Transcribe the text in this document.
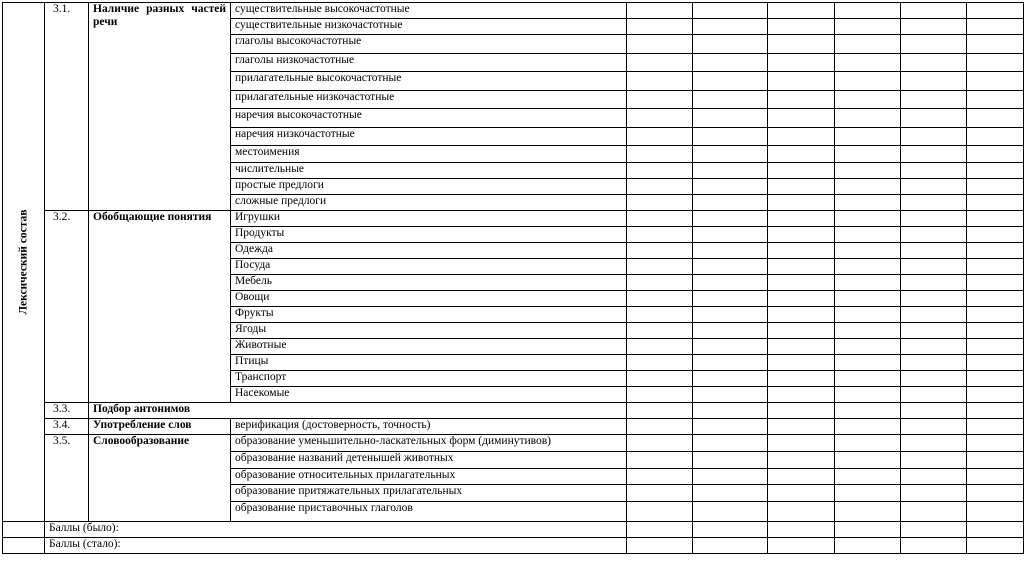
Лексический состав	3.1.	Наличие разных частей речи	существительные высокочастотные						
			существительные низкочастотные						
			глаголы высокочастотные						
			глаголы низкочастотные						
			прилагательные высокочастотные						
			прилагательные низкочастотные						
			наречия высокочастотные						
			наречия низкочастотные						
			местоимения						
			числительные						
			простые предлоги						
			сложные предлоги						
	3.2.	Обобщающие понятия	Игрушки						
			Продукты						
			Одежда						
			Посуда						
			Мебель						
			Овощи						
			Фрукты						
			Ягоды						
			Животные						
			Птицы						
			Транспорт						
			Насекомые						
	3.3.	Подбор антонимов							
	3.4.	Употребление слов	верификация (достоверность, точность)						
	3.5.	Словообразование	образование уменьшительно-ласкательных форм (диминутивов)						
			образование названий детенышей животных						
			образование относительных прилагательных						
			образование притяжательных прилагательных						
			образование приставочных глаголов						
	Баллы (было):								
	Баллы (стало):								
